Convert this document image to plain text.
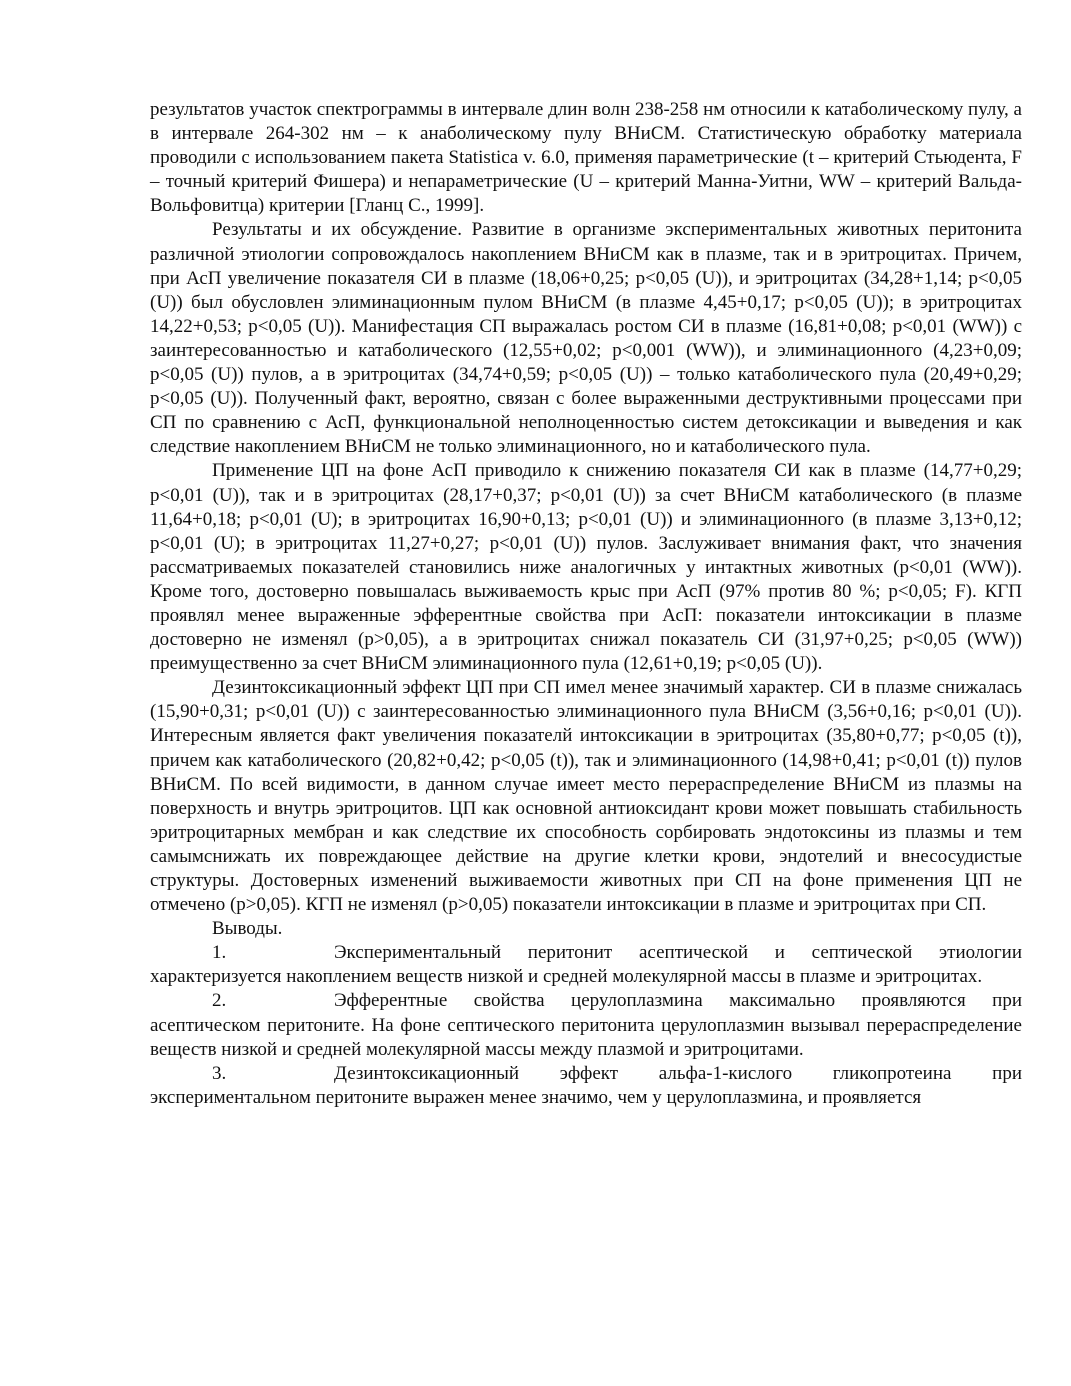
результатов участок спектрограммы в интервале длин волн 238-258 нм относили к катаболическому пулу, а в интервале 264-302 нм – к анаболическому пулу ВНиСМ. Статистическую обработку материала проводили с использованием пакета Statistica v. 6.0, применяя параметрические (t – критерий Стьюдента, F – точный критерий Фишера) и непараметрические (U – критерий Манна-Уитни, WW – критерий Вальда-Вольфовитца) критерии [Гланц С., 1999].

Результаты и их обсуждение. Развитие в организме экспериментальных животных перитонита различной этиологии сопровождалось накоплением ВНиСМ как в плазме, так и в эритроцитах. Причем, при АсП увеличение показателя СИ в плазме (18,06+0,25; p<0,05 (U)), и эритроцитах (34,28+1,14; p<0,05 (U)) был обусловлен элиминационным пулом ВНиСМ (в плазме 4,45+0,17; p<0,05 (U)); в эритроцитах 14,22+0,53; p<0,05 (U)). Манифестация СП выражалась ростом СИ в плазме (16,81+0,08; p<0,01 (WW)) с заинтересованностью и катаболического (12,55+0,02; p<0,001 (WW)), и элиминационного (4,23+0,09; p<0,05 (U)) пулов, а в эритроцитах (34,74+0,59; p<0,05 (U)) – только катаболического пула (20,49+0,29; p<0,05 (U)). Полученный факт, вероятно, связан с более выраженными деструктивными процессами при СП по сравнению с АсП, функциональной неполноценностью систем детоксикации и выведения и как следствие накоплением ВНиСМ не только элиминационного, но и катаболического пула.

Применение ЦП на фоне АсП приводило к снижению показателя СИ как в плазме (14,77+0,29; p<0,01 (U)), так и в эритроцитах (28,17+0,37; p<0,01 (U)) за счет ВНиСМ катаболического (в плазме 11,64+0,18; p<0,01 (U); в эритроцитах 16,90+0,13; p<0,01 (U)) и элиминационного (в плазме 3,13+0,12; p<0,01 (U); в эритроцитах 11,27+0,27; p<0,01 (U)) пулов. Заслуживает внимания факт, что значения рассматриваемых показателей становились ниже аналогичных у интактных животных (p<0,01 (WW)). Кроме того, достоверно повышалась выживаемость крыс при АсП (97% против 80 %; p<0,05; F). КГП проявлял менее выраженные эфферентные свойства при АсП: показатели интоксикации в плазме достоверно не изменял (p>0,05), а в эритроцитах снижал показатель СИ (31,97+0,25; p<0,05 (WW)) преимущественно за счет ВНиСМ элиминационного пула (12,61+0,19; p<0,05 (U)).

Дезинтоксикационный эффект ЦП при СП имел менее значимый характер. СИ в плазме снижалась (15,90+0,31; p<0,01 (U)) с заинтересованностью элиминационного пула ВНиСМ (3,56+0,16; p<0,01 (U)). Интересным является факт увеличения показателй интоксикации в эритроцитах (35,80+0,77; p<0,05 (t)), причем как катаболического (20,82+0,42; p<0,05 (t)), так и элиминационного (14,98+0,41; p<0,01 (t)) пулов ВНиСМ. По всей видимости, в данном случае имеет место перераспределение ВНиСМ из плазмы на поверхность и внутрь эритроцитов. ЦП как основной антиоксидант крови может повышать стабильность эритроцитарных мембран и как следствие их способность сорбировать эндотоксины из плазмы и тем самымснижать их повреждающее действие на другие клетки крови, эндотелий и внесосудистые структуры. Достоверных изменений выживаемости животных при СП на фоне применения ЦП не отмечено (p>0,05). КГП не изменял (p>0,05) показатели интоксикации в плазме и эритроцитах при СП.

Выводы.

1.	Экспериментальный перитонит асептической и септической этиологии характеризуется накоплением веществ низкой и средней молекулярной массы в плазме и эритроцитах.

2.	Эфферентные свойства церулоплазмина максимально проявляются при асептическом перитоните. На фоне септического перитонита церулоплазмин вызывал перераспределение веществ низкой и средней молекулярной массы между плазмой и эритроцитами.

3.	Дезинтоксикационный эффект альфа-1-кислого гликопротеина при экспериментальном перитоните выражен менее значимо, чем у церулоплазмина, и проявляется
